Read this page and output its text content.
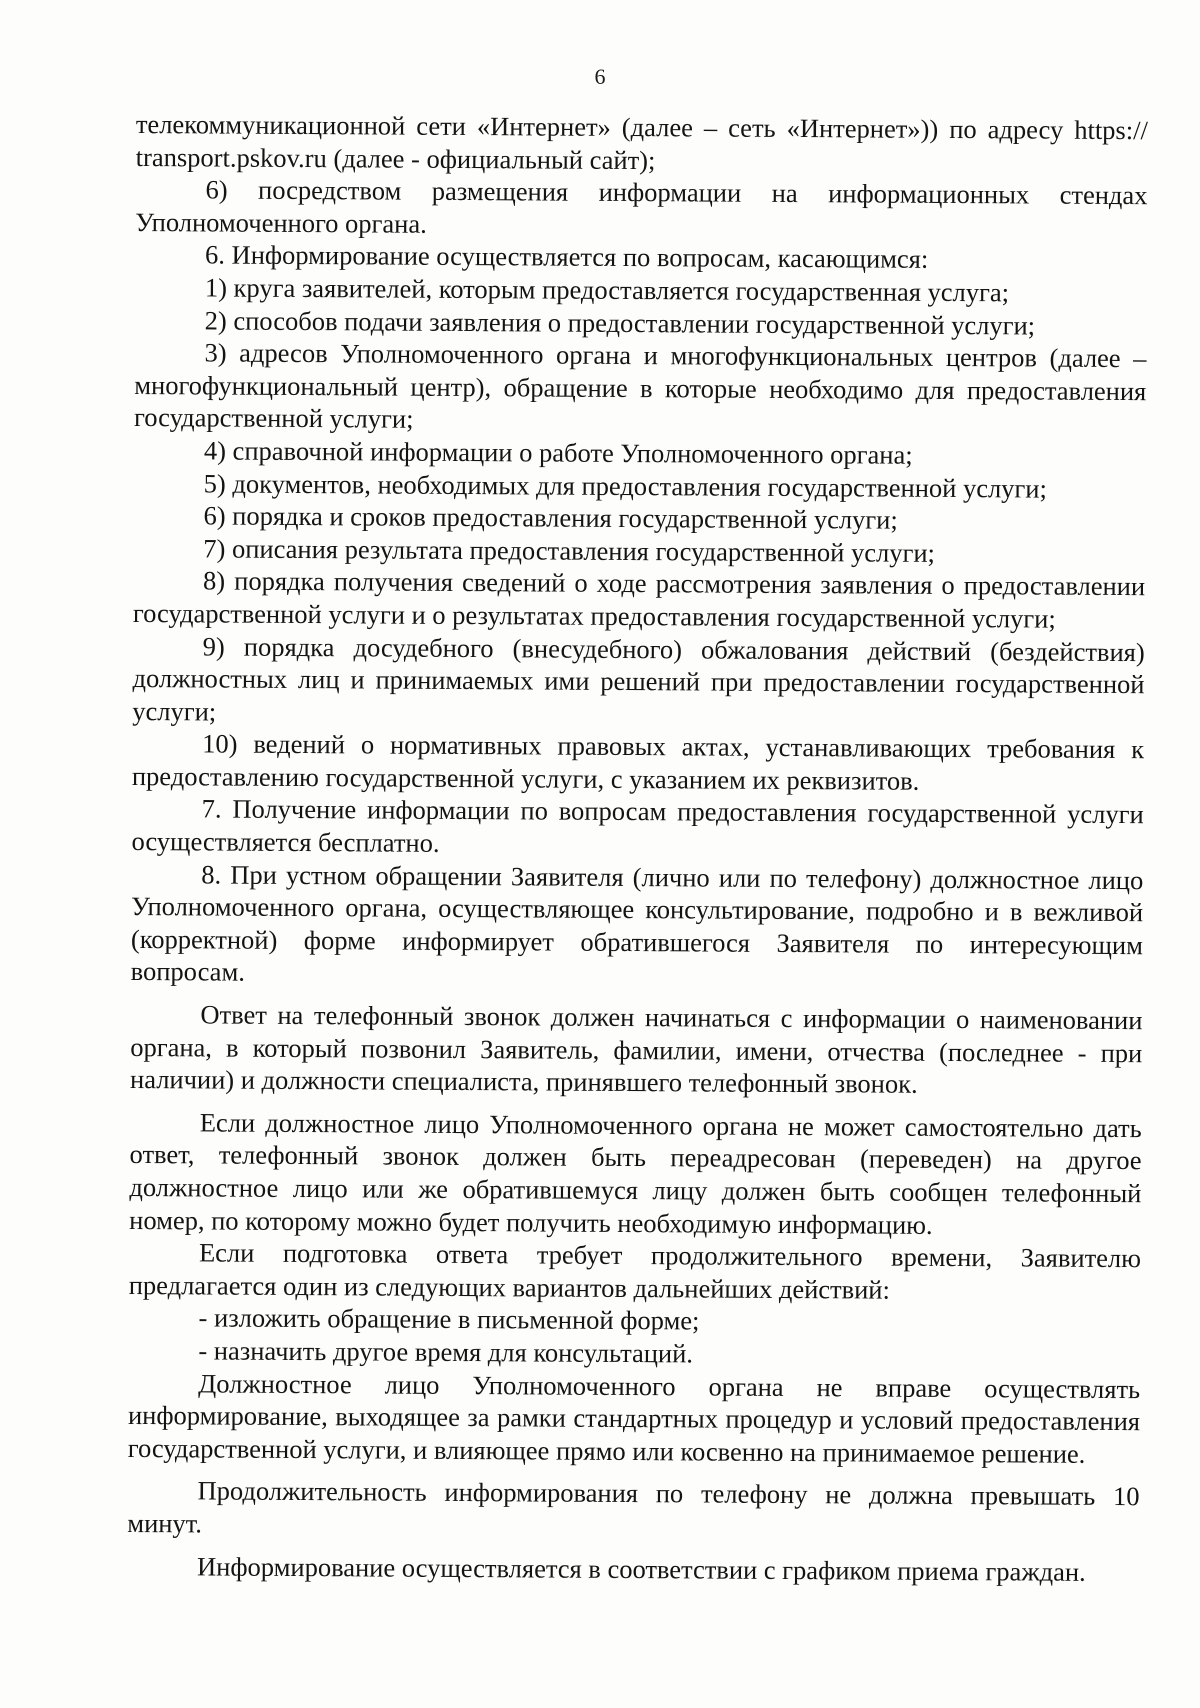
6

телекоммуникационной сети «Интернет» (далее – сеть «Интернет»)) по адресу https:// transport.pskov.ru (далее - официальный сайт);

6) посредством размещения информации на информационных стендах Уполномоченного органа.

6. Информирование осуществляется по вопросам, касающимся:

1) круга заявителей, которым предоставляется государственная услуга;

2) способов подачи заявления о предоставлении государственной услуги;

3) адресов Уполномоченного органа и многофункциональных центров (далее – многофункциональный центр), обращение в которые необходимо для предоставления государственной услуги;

4) справочной информации о работе Уполномоченного органа;

5) документов, необходимых для предоставления государственной услуги;

6) порядка и сроков предоставления государственной услуги;

7) описания результата предоставления государственной услуги;

8) порядка получения сведений о ходе рассмотрения заявления о предоставлении государственной услуги и о результатах предоставления государственной услуги;

9) порядка досудебного (внесудебного) обжалования действий (бездействия) должностных лиц и принимаемых ими решений при предоставлении государственной услуги;

10) ведений о нормативных правовых актах, устанавливающих требования к предоставлению государственной услуги, с указанием их реквизитов.

7. Получение информации по вопросам предоставления государственной услуги осуществляется бесплатно.

8. При устном обращении Заявителя (лично или по телефону) должностное лицо Уполномоченного органа, осуществляющее консультирование, подробно и в вежливой (корректной) форме информирует обратившегося Заявителя по интересующим вопросам.

Ответ на телефонный звонок должен начинаться с информации о наименовании органа, в который позвонил Заявитель, фамилии, имени, отчества (последнее - при наличии) и должности специалиста, принявшего телефонный звонок.

Если должностное лицо Уполномоченного органа не может самостоятельно дать ответ, телефонный звонок должен быть переадресован (переведен) на другое должностное лицо или же обратившемуся лицу должен быть сообщен телефонный номер, по которому можно будет получить необходимую информацию.

Если подготовка ответа требует продолжительного времени, Заявителю предлагается один из следующих вариантов дальнейших действий:

- изложить обращение в письменной форме;

- назначить другое время для консультаций.

Должностное лицо Уполномоченного органа не вправе осуществлять информирование, выходящее за рамки стандартных процедур и условий предоставления государственной услуги, и влияющее прямо или косвенно на принимаемое решение.

Продолжительность информирования по телефону не должна превышать 10 минут.

Информирование осуществляется в соответствии с графиком приема граждан.
